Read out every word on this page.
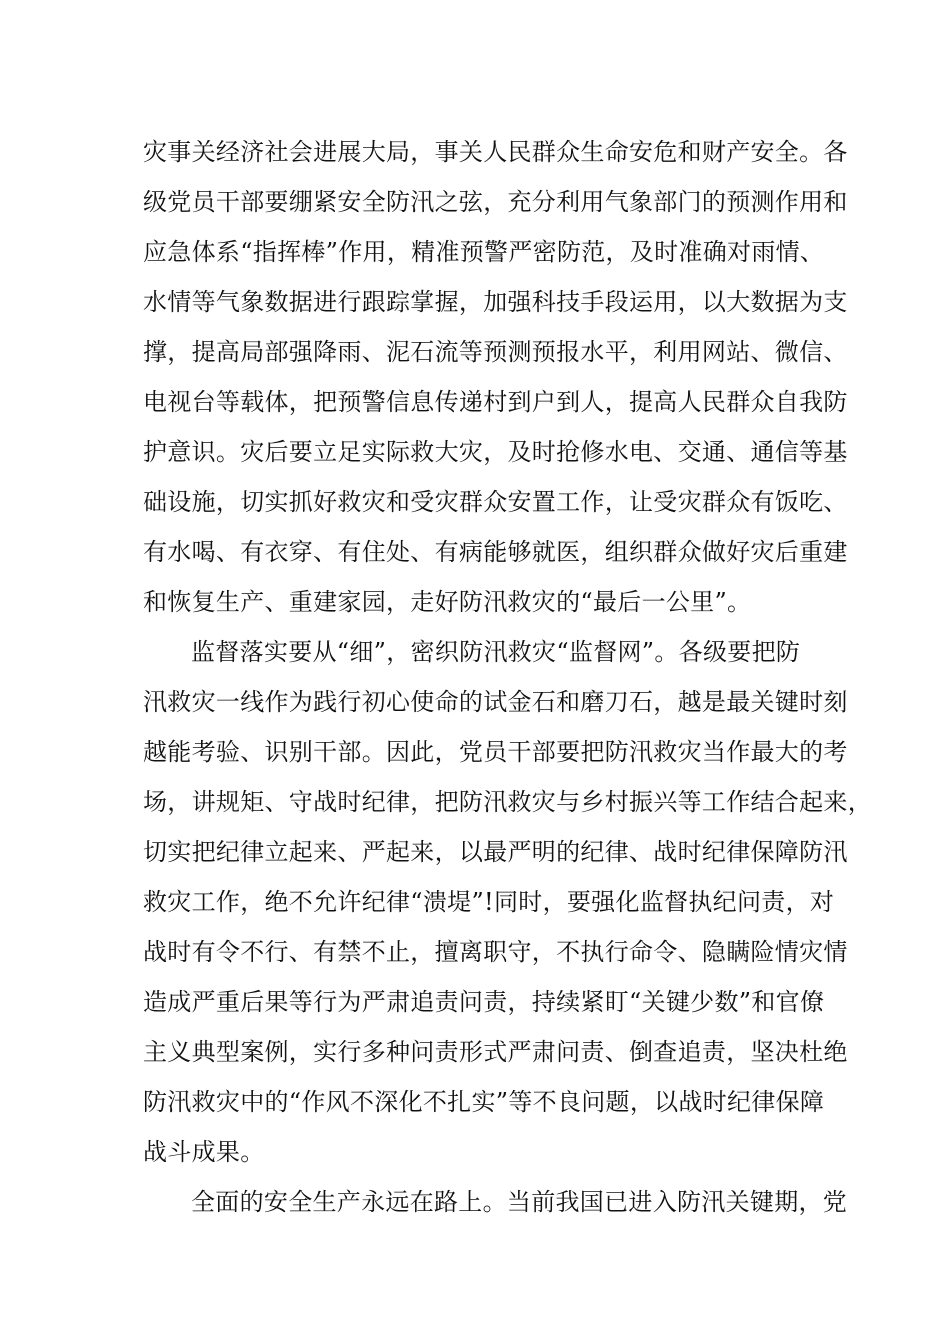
灾事关经济社会进展大局，事关人民群众生命安危和财产安全。各
级党员干部要绷紧安全防汛之弦，充分利用气象部门的预测作用和
应急体系“指挥棒”作用，精准预警严密防范，及时准确对雨情、
水情等气象数据进行跟踪掌握，加强科技手段运用，以大数据为支
撑，提高局部强降雨、泥石流等预测预报水平，利用网站、微信、
电视台等载体，把预警信息传递村到户到人，提高人民群众自我防
护意识。灾后要立足实际救大灾，及时抢修水电、交通、通信等基
础设施，切实抓好救灾和受灾群众安置工作，让受灾群众有饭吃、
有水喝、有衣穿、有住处、有病能够就医，组织群众做好灾后重建
和恢复生产、重建家园，走好防汛救灾的“最后一公里”。
监督落实要从“细”，密织防汛救灾“监督网”。各级要把防
汛救灾一线作为践行初心使命的试金石和磨刀石，越是最关键时刻
越能考验、识别干部。因此，党员干部要把防汛救灾当作最大的考
场，讲规矩、守战时纪律，把防汛救灾与乡村振兴等工作结合起来，
切实把纪律立起来、严起来，以最严明的纪律、战时纪律保障防汛
救灾工作，绝不允许纪律“溃堤”!同时，要强化监督执纪问责，对
战时有令不行、有禁不止，擅离职守，不执行命令、隐瞒险情灾情
造成严重后果等行为严肃追责问责，持续紧盯“关键少数”和官僚
主义典型案例，实行多种问责形式严肃问责、倒查追责，坚决杜绝
防汛救灾中的“作风不深化不扎实”等不良问题，以战时纪律保障
战斗成果。
全面的安全生产永远在路上。当前我国已进入防汛关键期，党
